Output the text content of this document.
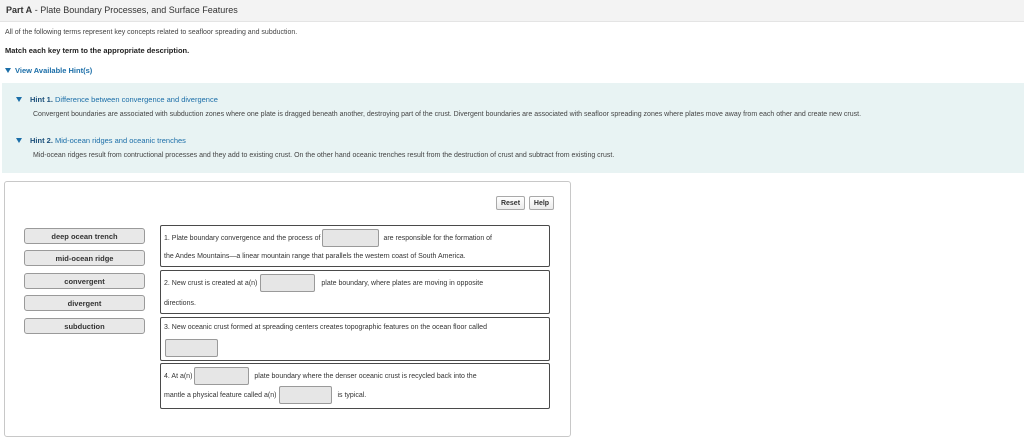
Part A - Plate Boundary Processes, and Surface Features
All of the following terms represent key concepts related to seafloor spreading and subduction.
Match each key term to the appropriate description.
View Available Hint(s)
Hint 1. Difference between convergence and divergence
Convergent boundaries are associated with subduction zones where one plate is dragged beneath another, destroying part of the crust. Divergent boundaries are associated with seafloor spreading zones where plates move away from each other and create new crust.
Hint 2. Mid-ocean ridges and oceanic trenches
Mid-ocean ridges result from contructional processes and they add to existing crust. On the other hand oceanic trenches result from the destruction of crust and subtract from existing crust.
Reset	Help
deep ocean trench
mid-ocean ridge
convergent
divergent
subduction
1. Plate boundary convergence and the process of	are responsible for the formation of
the Andes Mountains—a linear mountain range that parallels the western coast of South America.
2. New crust is created at a(n)	plate boundary, where plates are moving in opposite
directions.
3. New oceanic crust formed at spreading centers creates topographic features on the ocean floor called
4. At a(n)	plate boundary where the denser oceanic crust is recycled back into the
mantle a physical feature called a(n)	is typical.
